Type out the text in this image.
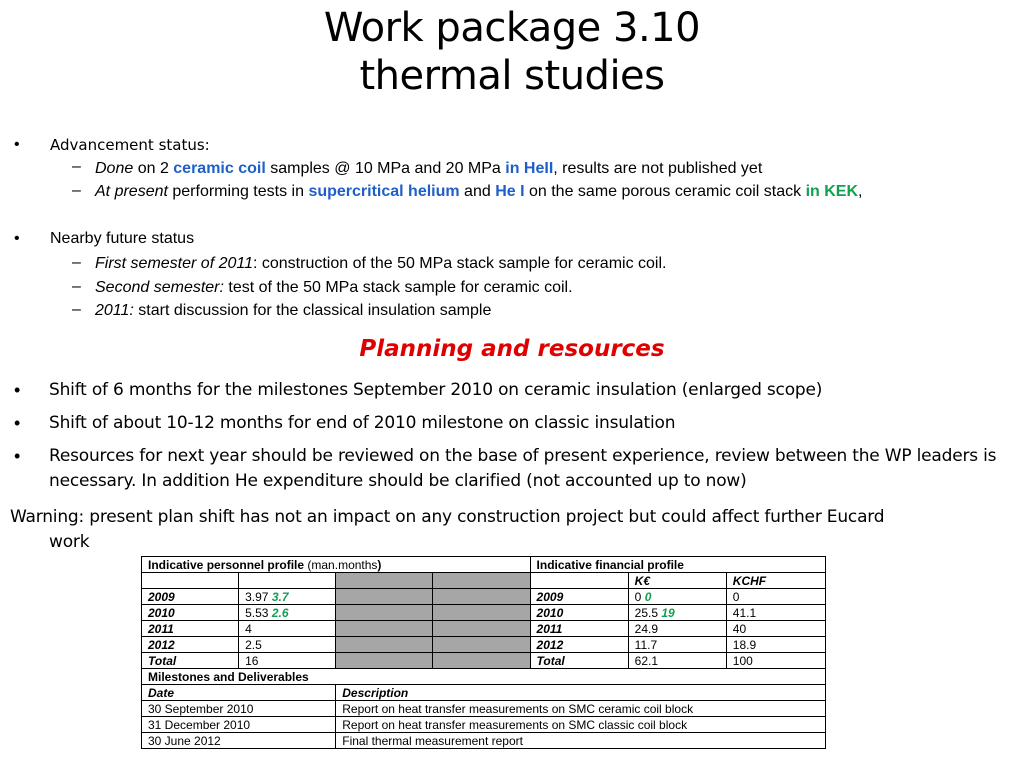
Work package 3.10
thermal studies
• Advancement status:
– Done on 2 ceramic coil samples @ 10 MPa and 20 MPa in HeII, results are not published yet
– At present performing tests in supercritical helium and He I on the same porous ceramic coil stack in KEK,
• Nearby future status
– First semester of 2011: construction of the 50 MPa stack sample for ceramic coil.
– Second semester: test of the 50 MPa stack sample for ceramic coil.
– 2011: start discussion for the classical insulation sample
Planning and resources
• Shift of 6 months for the milestones September 2010 on ceramic insulation (enlarged scope)
• Shift of about 10-12 months for end of 2010 milestone on classic insulation
• Resources for next year should be reviewed on the base of present experience, review between the WP leaders is necessary. In addition He expenditure should be clarified (not accounted up to now)
Warning: present plan shift has not an impact on any construction project but could affect further Eucard
work
Indicative personnel profile (man.months)				Indicative financial profile		
					K€	KCHF
2009	3.97 3.7			2009	0 0	0
2010	5.53 2.6			2010	25.5 19	41.1
2011	4			2011	24.9	40
2012	2.5			2012	11.7	18.9
Total	16			Total	62.1	100
Milestones and Deliverables						
Date		Description				
30 September 2010		Report on heat transfer measurements on SMC ceramic coil block				
31 December 2010		Report on heat transfer measurements on SMC classic coil block				
30 June 2012		Final thermal measurement report				
